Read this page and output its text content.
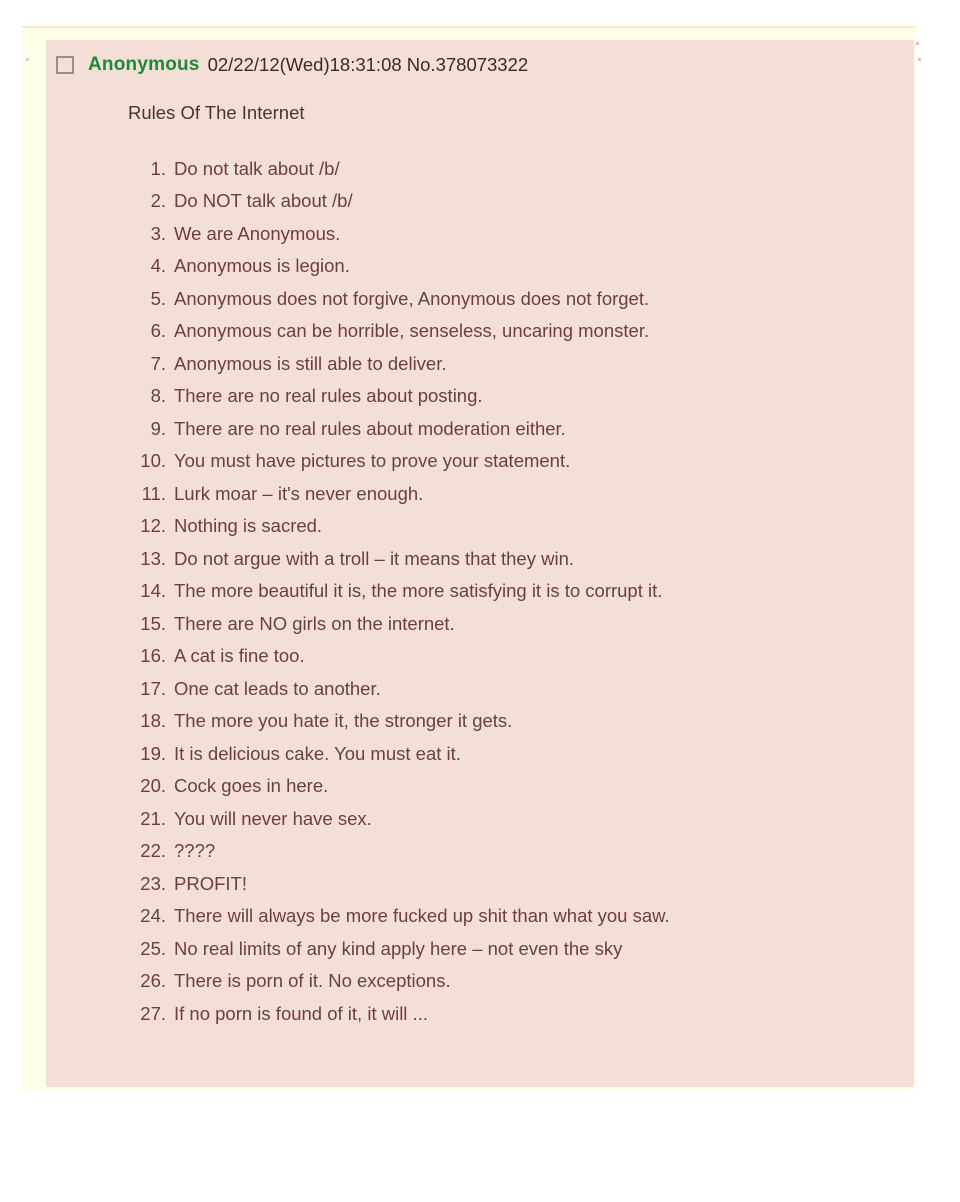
Anonymous 02/22/12(Wed)18:31:08 No.378073322
Rules Of The Internet
1. Do not talk about /b/
2. Do NOT talk about /b/
3. We are Anonymous.
4. Anonymous is legion.
5. Anonymous does not forgive, Anonymous does not forget.
6. Anonymous can be horrible, senseless, uncaring monster.
7. Anonymous is still able to deliver.
8. There are no real rules about posting.
9. There are no real rules about moderation either.
10. You must have pictures to prove your statement.
11. Lurk moar – it's never enough.
12. Nothing is sacred.
13. Do not argue with a troll – it means that they win.
14. The more beautiful it is, the more satisfying it is to corrupt it.
15. There are NO girls on the internet.
16. A cat is fine too.
17. One cat leads to another.
18. The more you hate it, the stronger it gets.
19. It is delicious cake. You must eat it.
20. Cock goes in here.
21. You will never have sex.
22. ????
23. PROFIT!
24. There will always be more fucked up shit than what you saw.
25. No real limits of any kind apply here – not even the sky
26. There is porn of it. No exceptions.
27. If no porn is found of it, it will ...
